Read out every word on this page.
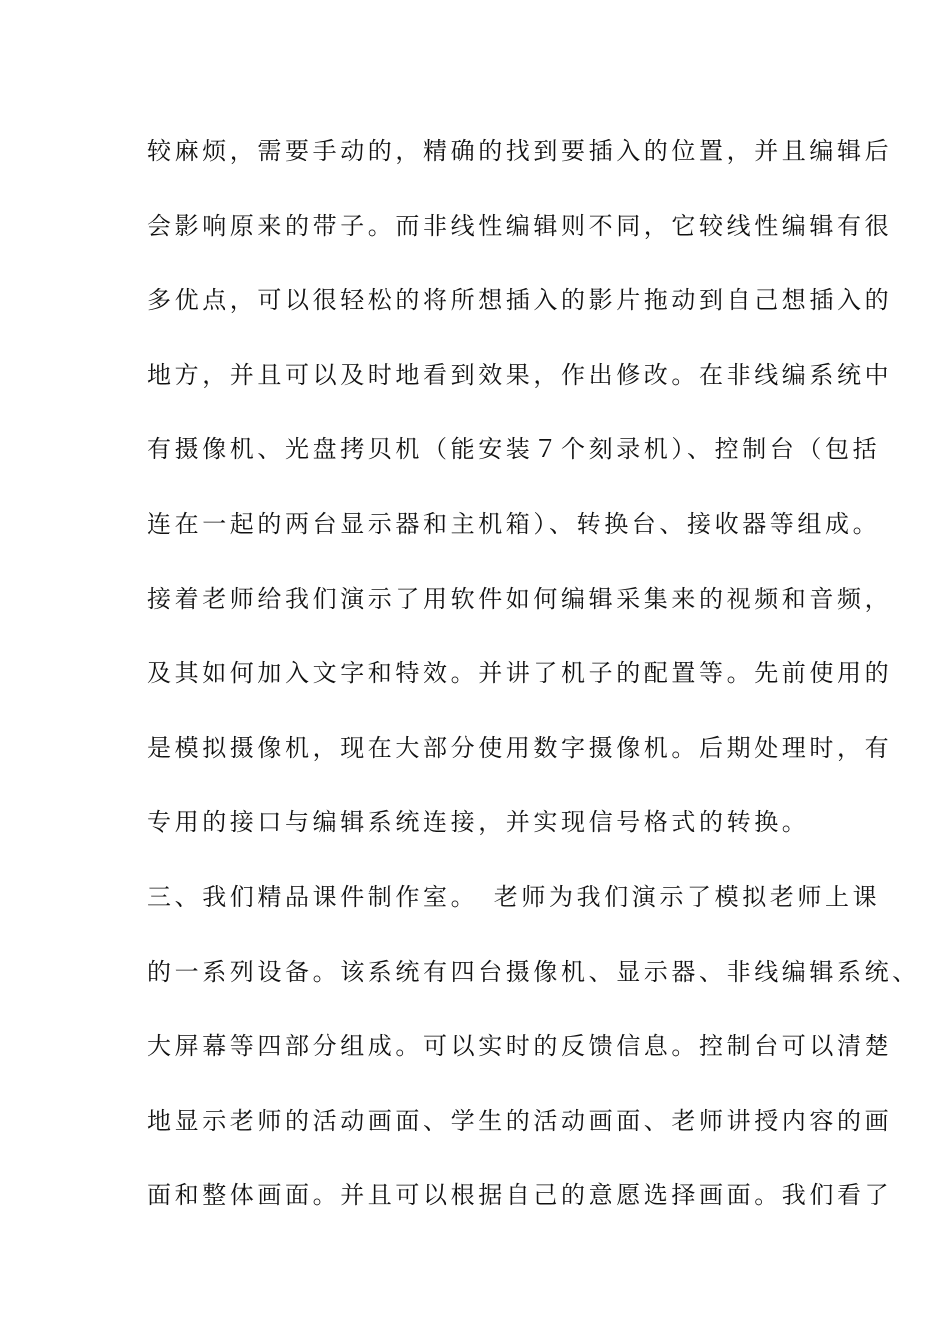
较麻烦，需要手动的，精确的找到要插入的位置，并且编辑后
会影响原来的带子。而非线性编辑则不同，它较线性编辑有很
多优点，可以很轻松的将所想插入的影片拖动到自己想插入的
地方，并且可以及时地看到效果，作出修改。在非线编系统中
有摄像机、光盘拷贝机（能安装７个刻录机）、控制台（包括
连在一起的两台显示器和主机箱）、转换台、接收器等组成。
接着老师给我们演示了用软件如何编辑采集来的视频和音频，
及其如何加入文字和特效。并讲了机子的配置等。先前使用的
是模拟摄像机，现在大部分使用数字摄像机。后期处理时，有
专用的接口与编辑系统连接，并实现信号格式的转换。
三、我们精品课件制作室。　老师为我们演示了模拟老师上课
的一系列设备。该系统有四台摄像机、显示器、非线编辑系统、
大屏幕等四部分组成。可以实时的反馈信息。控制台可以清楚
地显示老师的活动画面、学生的活动画面、老师讲授内容的画
面和整体画面。并且可以根据自己的意愿选择画面。我们看了
